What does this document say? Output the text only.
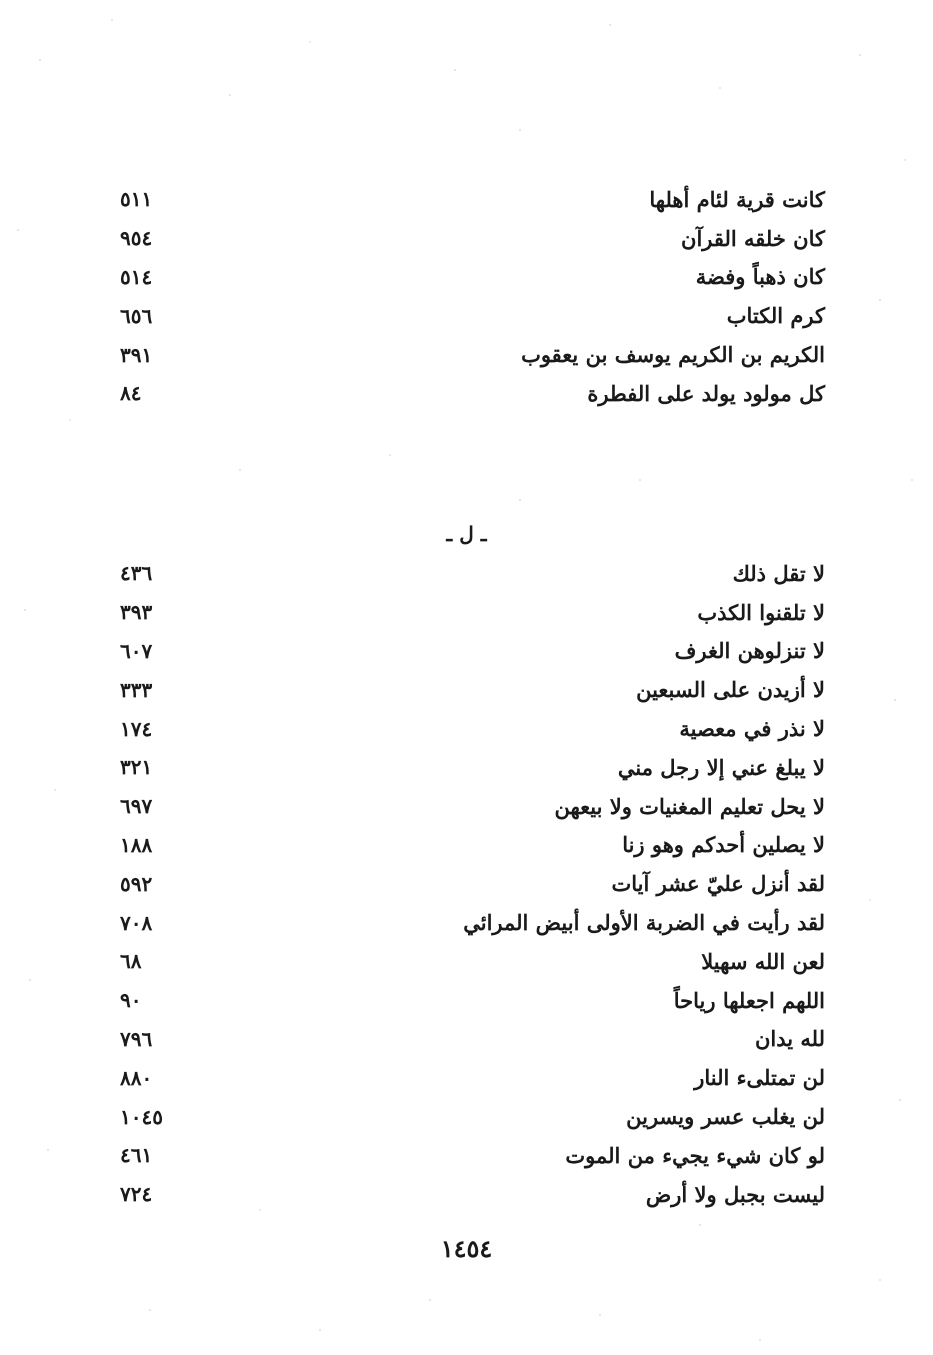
كانت قرية لئام أهلها
٥١١
كان خلقه القرآن
٩٥٤
كان ذهباً وفضة
٥١٤
كرم الكتاب
٦٥٦
الكريم بن الكريم يوسف بن يعقوب
٣٩١
كل مولود يولد على الفطرة
٨٤
ـ ل ـ
لا تقل ذلك
٤٣٦
لا تلقنوا الكذب
٣٩٣
لا تنزلوهن الغرف
٦٠٧
لا أزيدن على السبعين
٣٣٣
لا نذر في معصية
١٧٤
لا يبلغ عني إلا رجل مني
٣٢١
لا يحل تعليم المغنيات ولا بيعهن
٦٩٧
لا يصلين أحدكم وهو زنا
١٨٨
لقد أنزل عليّ عشر آيات
٥٩٢
لقد رأيت في الضربة الأولى أبيض المرائي
٧٠٨
لعن الله سهيلا
٦٨
اللهم اجعلها رياحاً
٩٠
لله يدان
٧٩٦
لن تمتلىء النار
٨٨٠
لن يغلب عسر ويسرين
١٠٤٥
لو كان شيء يجيء من الموت
٤٦١
ليست بجبل ولا أرض
٧٢٤
١٤٥٤
